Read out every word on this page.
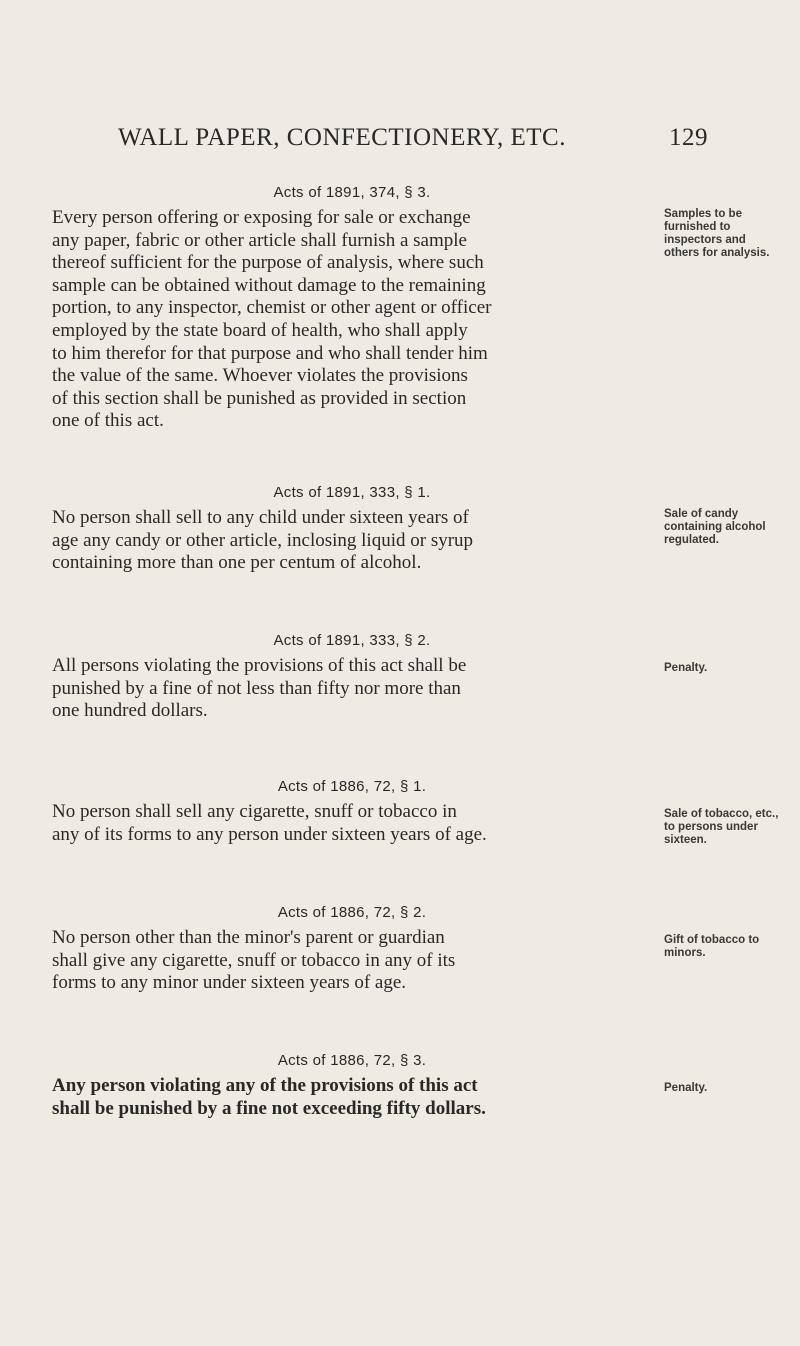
WALL PAPER, CONFECTIONERY, ETC.	129
Acts of 1891, 374, § 3.
Every person offering or exposing for sale or exchange
any paper, fabric or other article shall furnish a sample
thereof sufficient for the purpose of analysis, where such
sample can be obtained without damage to the remaining
portion, to any inspector, chemist or other agent or officer
employed by the state board of health, who shall apply
to him therefor for that purpose and who shall tender him
the value of the same. Whoever violates the provisions
of this section shall be punished as provided in section
one of this act.
Samples to be furnished to inspectors and others for analysis.
Acts of 1891, 333, § 1.
No person shall sell to any child under sixteen years of
age any candy or other article, inclosing liquid or syrup
containing more than one per centum of alcohol.
Sale of candy containing alcohol regulated.
Acts of 1891, 333, § 2.
All persons violating the provisions of this act shall be
punished by a fine of not less than fifty nor more than
one hundred dollars.
Penalty.
Acts of 1886, 72, § 1.
No person shall sell any cigarette, snuff or tobacco in
any of its forms to any person under sixteen years of age.
Sale of tobacco, etc., to persons under sixteen.
Acts of 1886, 72, § 2.
No person other than the minor's parent or guardian
shall give any cigarette, snuff or tobacco in any of its
forms to any minor under sixteen years of age.
Gift of tobacco to minors.
Acts of 1886, 72, § 3.
Any person violating any of the provisions of this act
shall be punished by a fine not exceeding fifty dollars.
Penalty.
